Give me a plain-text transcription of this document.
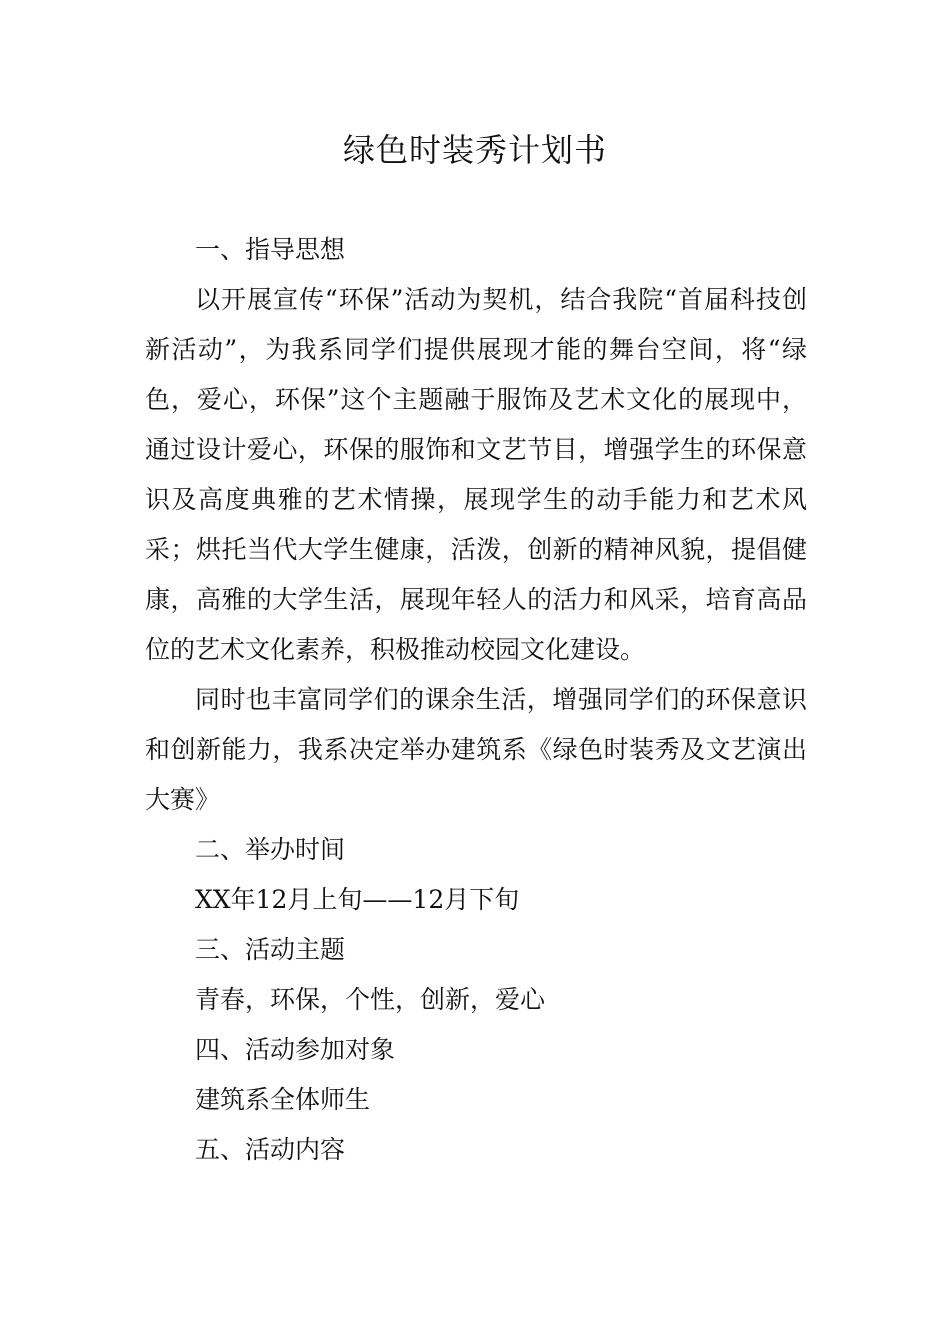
绿色时装秀计划书

一、指导思想

以开展宣传“环保”活动为契机，结合我院“首届科技创新活动”，为我系同学们提供展现才能的舞台空间，将“绿色，爱心，环保”这个主题融于服饰及艺术文化的展现中，通过设计爱心，环保的服饰和文艺节目，增强学生的环保意识及高度典雅的艺术情操，展现学生的动手能力和艺术风采；烘托当代大学生健康，活泼，创新的精神风貌，提倡健康，高雅的大学生活，展现年轻人的活力和风采，培育高品位的艺术文化素养，积极推动校园文化建设。

同时也丰富同学们的课余生活，增强同学们的环保意识和创新能力，我系决定举办建筑系《绿色时装秀及文艺演出大赛》

二、举办时间

XX年12月上旬——12月下旬

三、活动主题

青春，环保，个性，创新，爱心

四、活动参加对象

建筑系全体师生

五、活动内容
